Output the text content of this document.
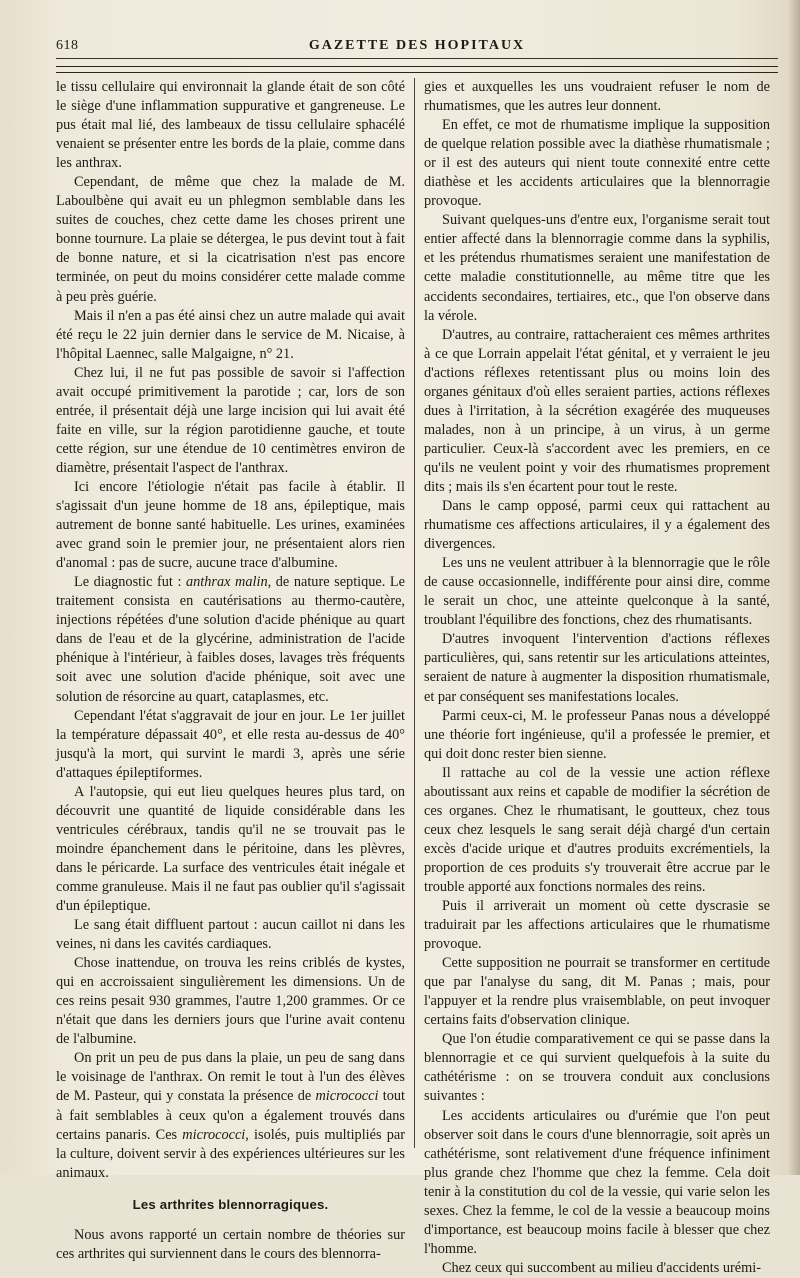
618	GAZETTE DES HOPITAUX

le tissu cellulaire qui environnait la glande était de son côté le siège d'une inflammation suppurative et gangreneuse. Le pus était mal lié, des lambeaux de tissu cellulaire sphacélé venaient se présenter entre les bords de la plaie, comme dans les anthrax.

Cependant, de même que chez la malade de M. Laboulbène qui avait eu un phlegmon semblable dans les suites de couches, chez cette dame les choses prirent une bonne tournure. La plaie se détergea, le pus devint tout à fait de bonne nature, et si la cicatrisation n'est pas encore terminée, on peut du moins considérer cette malade comme à peu près guérie.

Mais il n'en a pas été ainsi chez un autre malade qui avait été reçu le 22 juin dernier dans le service de M. Nicaise, à l'hôpital Laennec, salle Malgaigne, n° 21.

Chez lui, il ne fut pas possible de savoir si l'affection avait occupé primitivement la parotide ; car, lors de son entrée, il présentait déjà une large incision qui lui avait été faite en ville, sur la région parotidienne gauche, et toute cette région, sur une étendue de 10 centimètres environ de diamètre, présentait l'aspect de l'anthrax.

Ici encore l'étiologie n'était pas facile à établir. Il s'agissait d'un jeune homme de 18 ans, épileptique, mais autrement de bonne santé habituelle. Les urines, examinées avec grand soin le premier jour, ne présentaient alors rien d'anomal : pas de sucre, aucune trace d'albumine.

Le diagnostic fut : anthrax malin, de nature septique. Le traitement consista en cautérisations au thermo-cautère, injections répétées d'une solution d'acide phénique au quart dans de l'eau et de la glycérine, administration de l'acide phénique à l'intérieur, à faibles doses, lavages très fréquents soit avec une solution d'acide phénique, soit avec une solution de résorcine au quart, cataplasmes, etc.

Cependant l'état s'aggravait de jour en jour. Le 1er juillet la température dépassait 40°, et elle resta au-dessus de 40° jusqu'à la mort, qui survint le mardi 3, après une série d'attaques épileptiformes.

A l'autopsie, qui eut lieu quelques heures plus tard, on découvrit une quantité de liquide considérable dans les ventricules cérébraux, tandis qu'il ne se trouvait pas le moindre épanchement dans le péritoine, dans les plèvres, dans le péricarde. La surface des ventricules était inégale et comme granuleuse. Mais il ne faut pas oublier qu'il s'agissait d'un épileptique.

Le sang était diffluent partout : aucun caillot ni dans les veines, ni dans les cavités cardiaques.

Chose inattendue, on trouva les reins criblés de kystes, qui en accroissaient singulièrement les dimensions. Un de ces reins pesait 930 grammes, l'autre 1,200 grammes. Or ce n'était que dans les derniers jours que l'urine avait contenu de l'albumine.

On prit un peu de pus dans la plaie, un peu de sang dans le voisinage de l'anthrax. On remit le tout à l'un des élèves de M. Pasteur, qui y constata la présence de micrococci tout à fait semblables à ceux qu'on a également trouvés dans certains panaris. Ces micrococci, isolés, puis multipliés par la culture, doivent servir à des expériences ultérieures sur les animaux.

Les arthrites blennorragiques.

Nous avons rapporté un certain nombre de théories sur ces arthrites qui surviennent dans le cours des blennorra-

gies et auxquelles les uns voudraient refuser le nom de rhumatismes, que les autres leur donnent.

En effet, ce mot de rhumatisme implique la supposition de quelque relation possible avec la diathèse rhumatismale ; or il est des auteurs qui nient toute connexité entre cette diathèse et les accidents articulaires que la blennorragie provoque.

Suivant quelques-uns d'entre eux, l'organisme serait tout entier affecté dans la blennorragie comme dans la syphilis, et les prétendus rhumatismes seraient une manifestation de cette maladie constitutionnelle, au même titre que les accidents secondaires, tertiaires, etc., que l'on observe dans la vérole.

D'autres, au contraire, rattacheraient ces mêmes arthrites à ce que Lorrain appelait l'état génital, et y verraient le jeu d'actions réflexes retentissant plus ou moins loin des organes génitaux d'où elles seraient parties, actions réflexes dues à l'irritation, à la sécrétion exagérée des muqueuses malades, non à un principe, à un virus, à un germe particulier. Ceux-là s'accordent avec les premiers, en ce qu'ils ne veulent point y voir des rhumatismes proprement dits ; mais ils s'en écartent pour tout le reste.

Dans le camp opposé, parmi ceux qui rattachent au rhumatisme ces affections articulaires, il y a également des divergences.

Les uns ne veulent attribuer à la blennorragie que le rôle de cause occasionnelle, indifférente pour ainsi dire, comme le serait un choc, une atteinte quelconque à la santé, troublant l'équilibre des fonctions, chez des rhumatisants.

D'autres invoquent l'intervention d'actions réflexes particulières, qui, sans retentir sur les articulations atteintes, seraient de nature à augmenter la disposition rhumatismale, et par conséquent ses manifestations locales.

Parmi ceux-ci, M. le professeur Panas nous a développé une théorie fort ingénieuse, qu'il a professée le premier, et qui doit donc rester bien sienne.

Il rattache au col de la vessie une action réflexe aboutissant aux reins et capable de modifier la sécrétion de ces organes. Chez le rhumatisant, le goutteux, chez tous ceux chez lesquels le sang serait déjà chargé d'un certain excès d'acide urique et d'autres produits excrémentiels, la proportion de ces produits s'y trouverait être accrue par le trouble apporté aux fonctions normales des reins.

Puis il arriverait un moment où cette dyscrasie se traduirait par les affections articulaires que le rhumatisme provoque.

Cette supposition ne pourrait se transformer en certitude que par l'analyse du sang, dit M. Panas ; mais, pour l'appuyer et la rendre plus vraisemblable, on peut invoquer certains faits d'observation clinique.

Que l'on étudie comparativement ce qui se passe dans la blennorragie et ce qui survient quelquefois à la suite du cathétérisme : on se trouvera conduit aux conclusions suivantes :

Les accidents articulaires ou d'urémie que l'on peut observer soit dans le cours d'une blennorragie, soit après un cathétérisme, sont relativement d'une fréquence infiniment plus grande chez l'homme que chez la femme. Cela doit tenir à la constitution du col de la vessie, qui varie selon les sexes. Chez la femme, le col de la vessie a beaucoup moins d'importance, est beaucoup moins facile à blesser que chez l'homme.

Chez ceux qui succombent au milieu d'accidents urémi-
